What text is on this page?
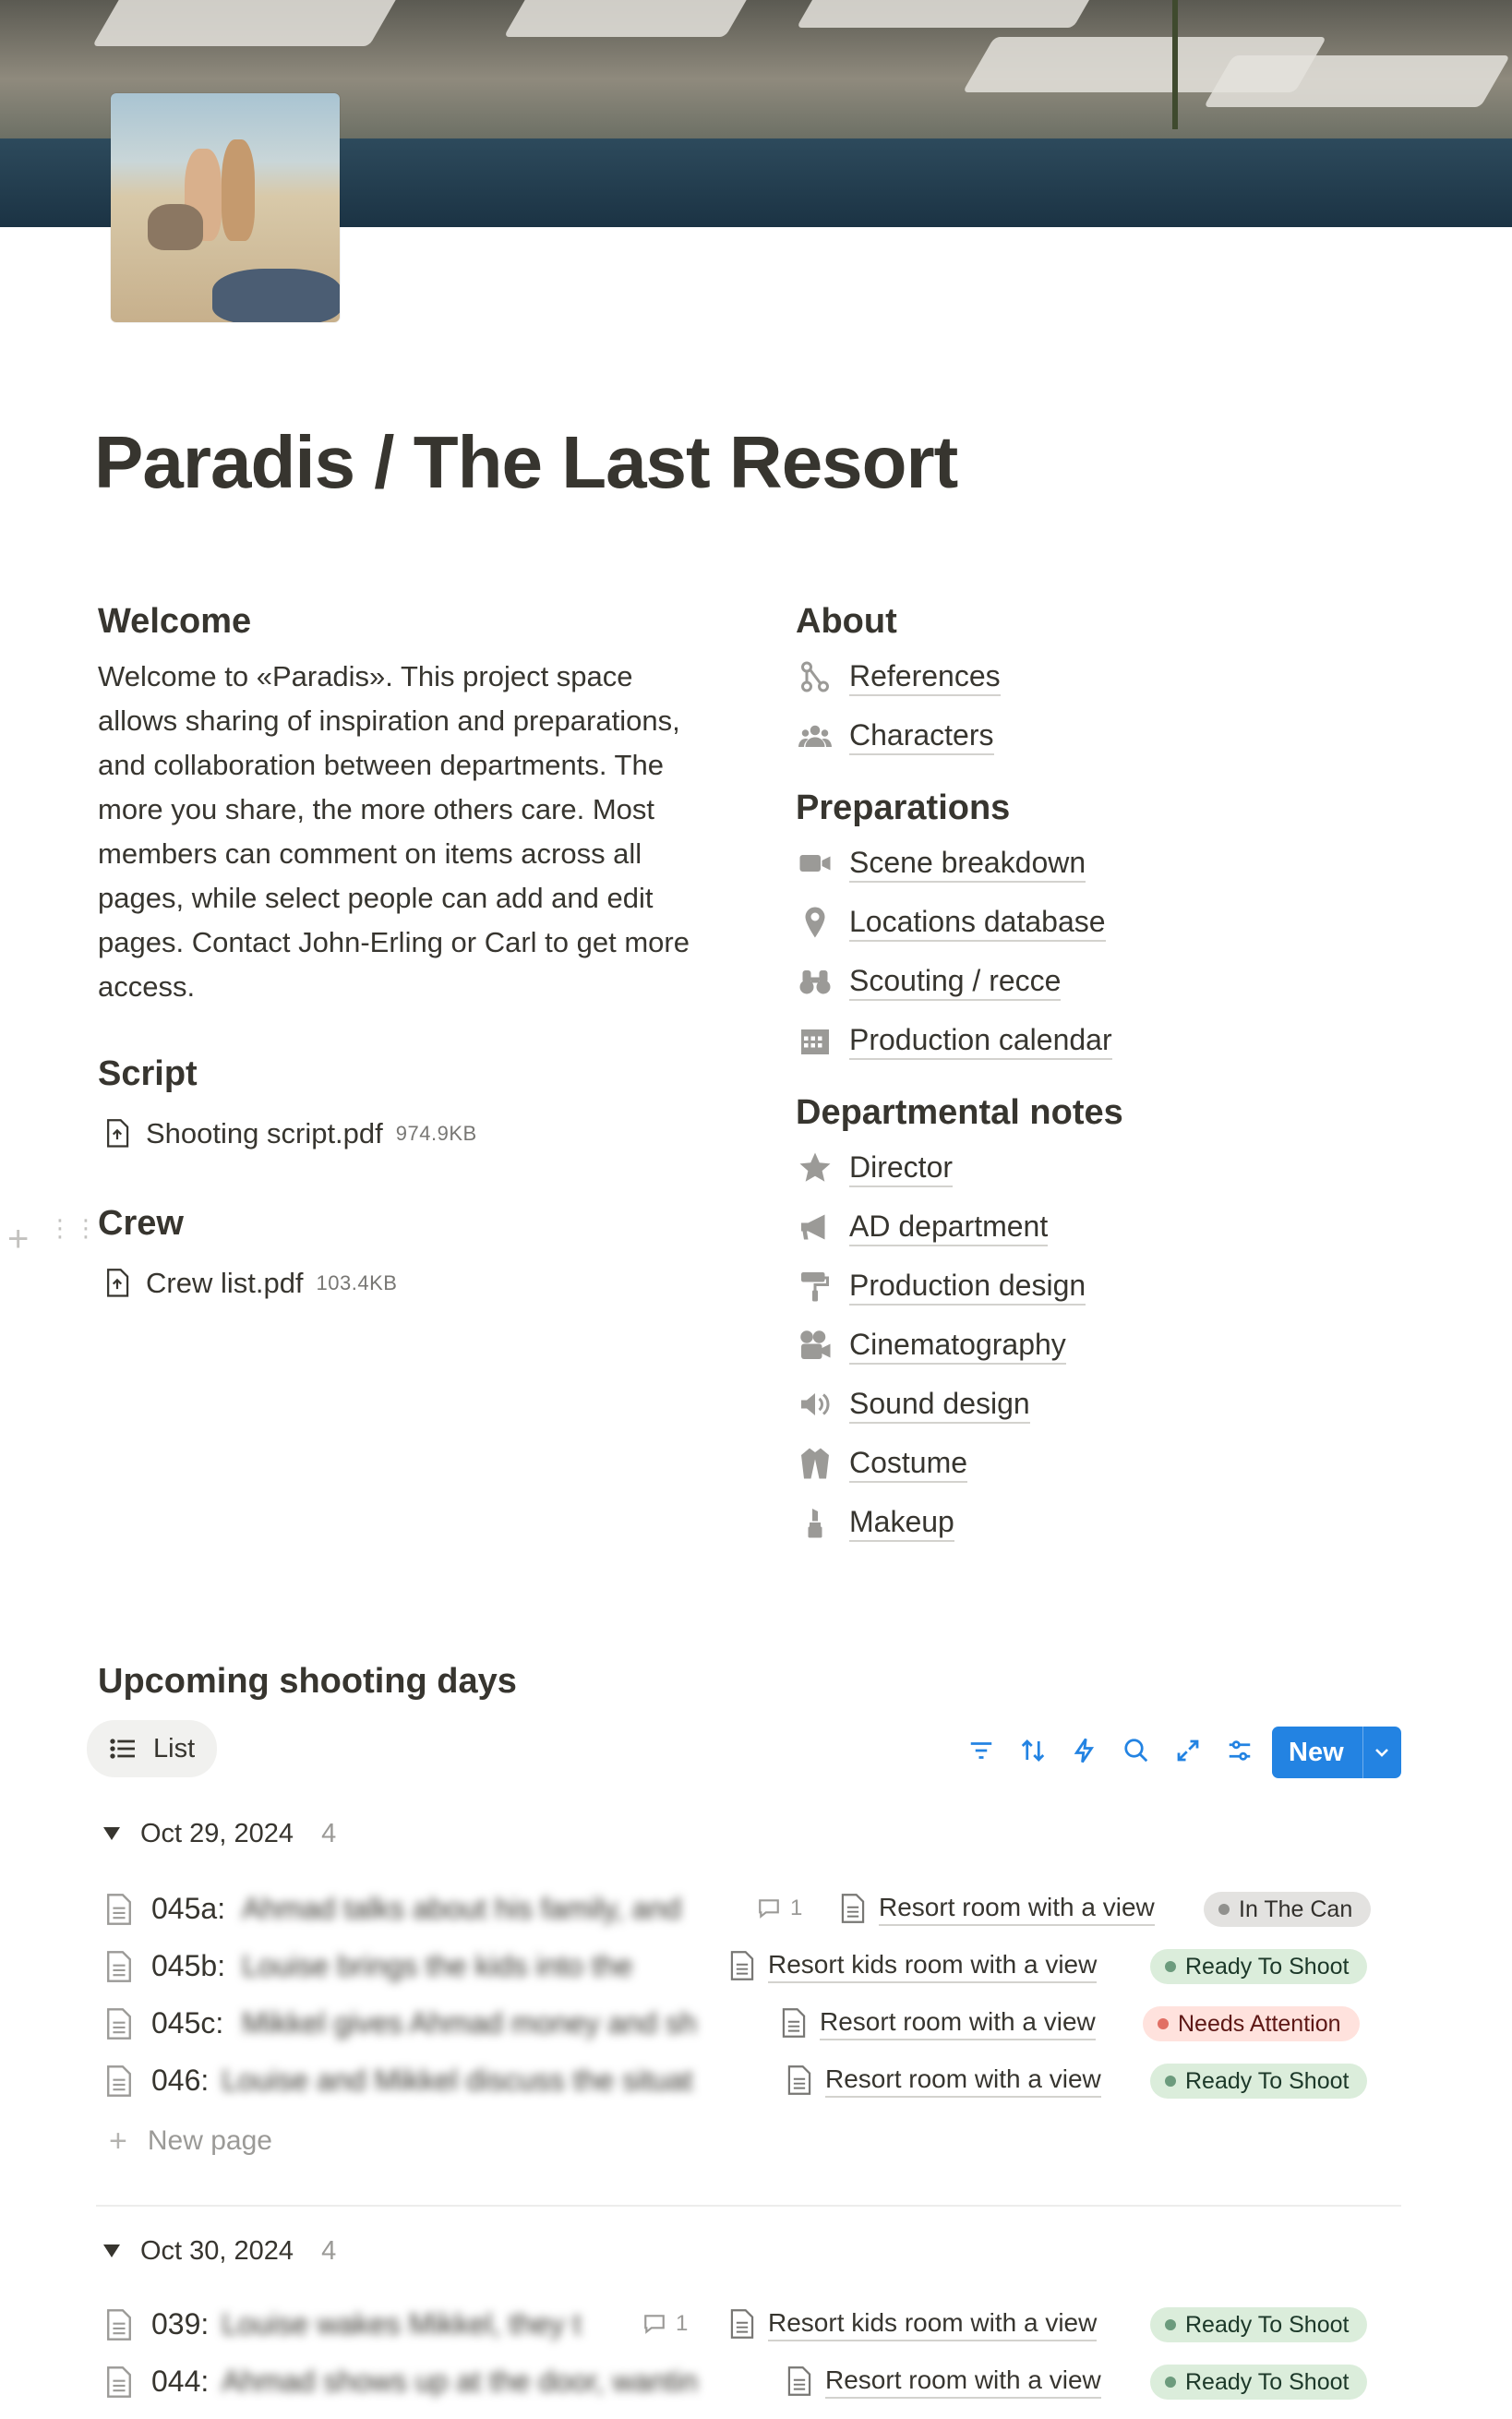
Paradis / The Last Resort
Welcome

Welcome to «Paradis». This project space allows sharing of inspiration and preparations, and collaboration between departments. The more you share, the more others care. Most members can comment on items across all pages, while select people can add and edit pages. Contact John-Erling or Carl to get more access.

Script
Shooting script.pdf 974.9KB
Crew
Crew list.pdf 103.4KB
+ ⋮⋮
About
References
Characters
Preparations
Scene breakdown
Locations database
Scouting / recce
Production calendar
Departmental notes
Director
AD department
Production design
Cinematography
Sound design
Costume
Makeup
Upcoming shooting days
List	New
Oct 29, 2024 4
045a: Ahmad talks about his family, and	1	Resort room with a view	In The Can
045b: Louise brings the kids into the	Resort kids room with a view	Ready To Shoot
045c: Mikkel gives Ahmad money and sh	Resort room with a view	Needs Attention
046: Louise and Mikkel discuss the situat	Resort room with a view	Ready To Shoot
+ New page
Oct 30, 2024 4
039: Louise wakes Mikkel, they t	1	Resort kids room with a view	Ready To Shoot
044: Ahmad shows up at the door, wantin	Resort room with a view	Ready To Shoot
